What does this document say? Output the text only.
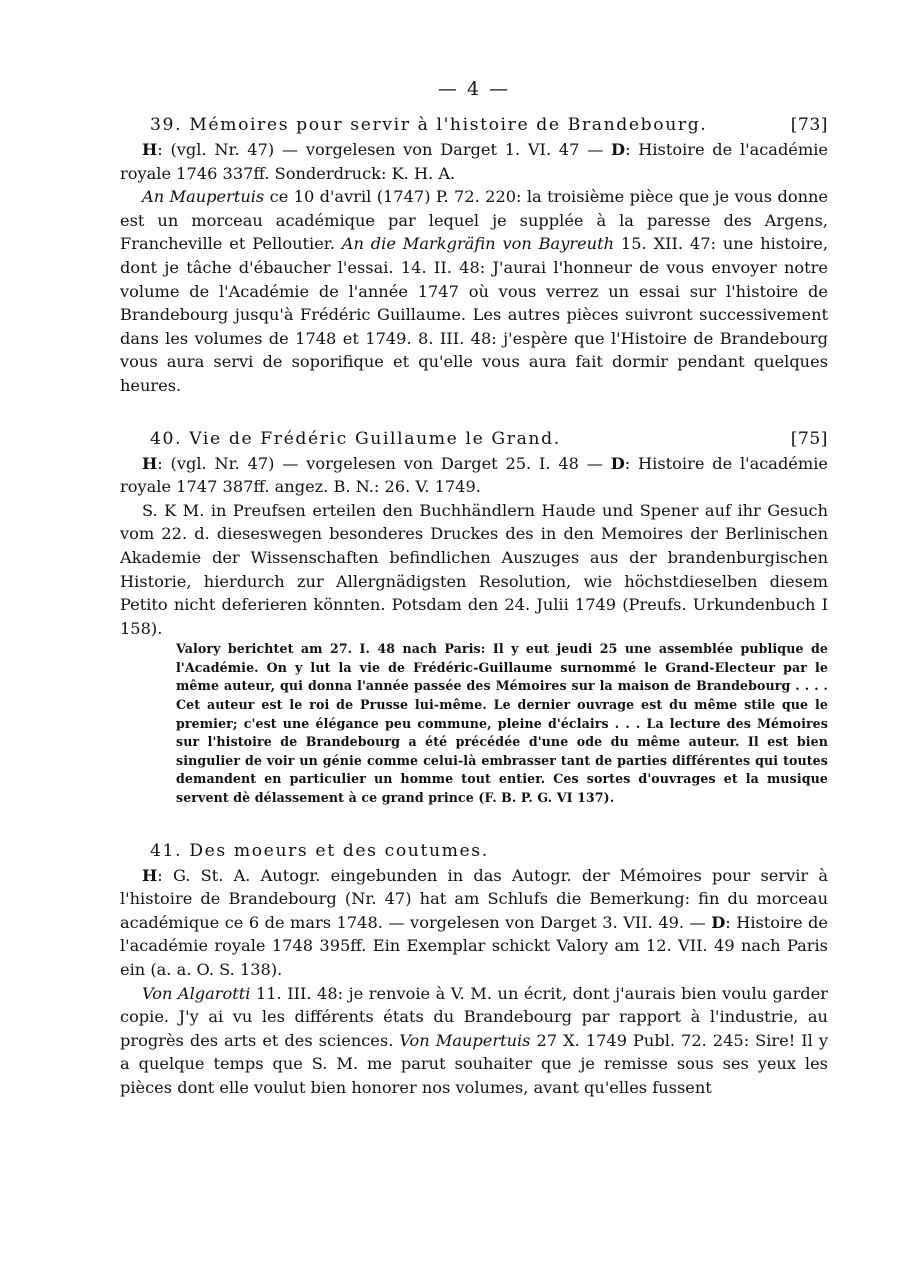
— 4 —
39. Mémoires pour servir à l'histoire de Brandebourg.	[73]

H: (vgl. Nr. 47) — vorgelesen von Darget 1. VI. 47 — D: Histoire de l'académie royale 1746 337ff. Sonderdruck: K. H. A.

An Maupertuis ce 10 d'avril (1747) P. 72. 220: la troisième pièce que je vous donne est un morceau académique par lequel je supplée à la paresse des Argens, Francheville et Pelloutier. An die Markgräfin von Bayreuth 15. XII. 47: une histoire, dont je tâche d'ébaucher l'essai. 14. II. 48: J'aurai l'honneur de vous envoyer notre volume de l'Académie de l'année 1747 où vous verrez un essai sur l'histoire de Brandebourg jusqu'à Frédéric Guillaume. Les autres pièces suivront successivement dans les volumes de 1748 et 1749. 8. III. 48: j'espère que l'Histoire de Brandebourg vous aura servi de soporifique et qu'elle vous aura fait dormir pendant quelques heures.

40. Vie de Frédéric Guillaume le Grand.	[75]

H: (vgl. Nr. 47) — vorgelesen von Darget 25. I. 48 — D: Histoire de l'académie royale 1747 387ff. angez. B. N.: 26. V. 1749.

S. K M. in Preufsen erteilen den Buchhändlern Haude und Spener auf ihr Gesuch vom 22. d. dieseswegen besonderes Druckes des in den Memoires der Berlinischen Akademie der Wissenschaften befindlichen Auszuges aus der brandenburgischen Historie, hierdurch zur Allergnädigsten Resolution, wie höchstdieselben diesem Petito nicht deferieren könnten. Potsdam den 24. Julii 1749 (Preufs. Urkundenbuch I 158).

Valory berichtet am 27. I. 48 nach Paris: Il y eut jeudi 25 une assemblée publique de l'Académie. On y lut la vie de Frédéric-Guillaume surnommé le Grand-Electeur par le même auteur, qui donna l'année passée des Mémoires sur la maison de Brandebourg . . . . Cet auteur est le roi de Prusse lui-même. Le dernier ouvrage est du même stile que le premier; c'est une élégance peu commune, pleine d'éclairs . . . La lecture des Mémoires sur l'histoire de Brandebourg a été précédée d'une ode du même auteur. Il est bien singulier de voir un génie comme celui-là embrasser tant de parties différentes qui toutes demandent en particulier un homme tout entier. Ces sortes d'ouvrages et la musique servent dè délassement à ce grand prince (F. B. P. G. VI 137).

41. Des moeurs et des coutumes.

H: G. St. A. Autogr. eingebunden in das Autogr. der Mémoires pour servir à l'histoire de Brandebourg (Nr. 47) hat am Schlufs die Bemerkung: fin du morceau académique ce 6 de mars 1748. — vorgelesen von Darget 3. VII. 49. — D: Histoire de l'académie royale 1748 395ff. Ein Exemplar schickt Valory am 12. VII. 49 nach Paris ein (a. a. O. S. 138).

Von Algarotti 11. III. 48: je renvoie à V. M. un écrit, dont j'aurais bien voulu garder copie. J'y ai vu les différents états du Brandebourg par rapport à l'industrie, au progrès des arts et des sciences. Von Maupertuis 27 X. 1749 Publ. 72. 245: Sire! Il y a quelque temps que S. M. me parut souhaiter que je remisse sous ses yeux les pièces dont elle voulut bien honorer nos volumes, avant qu'elles fussent
